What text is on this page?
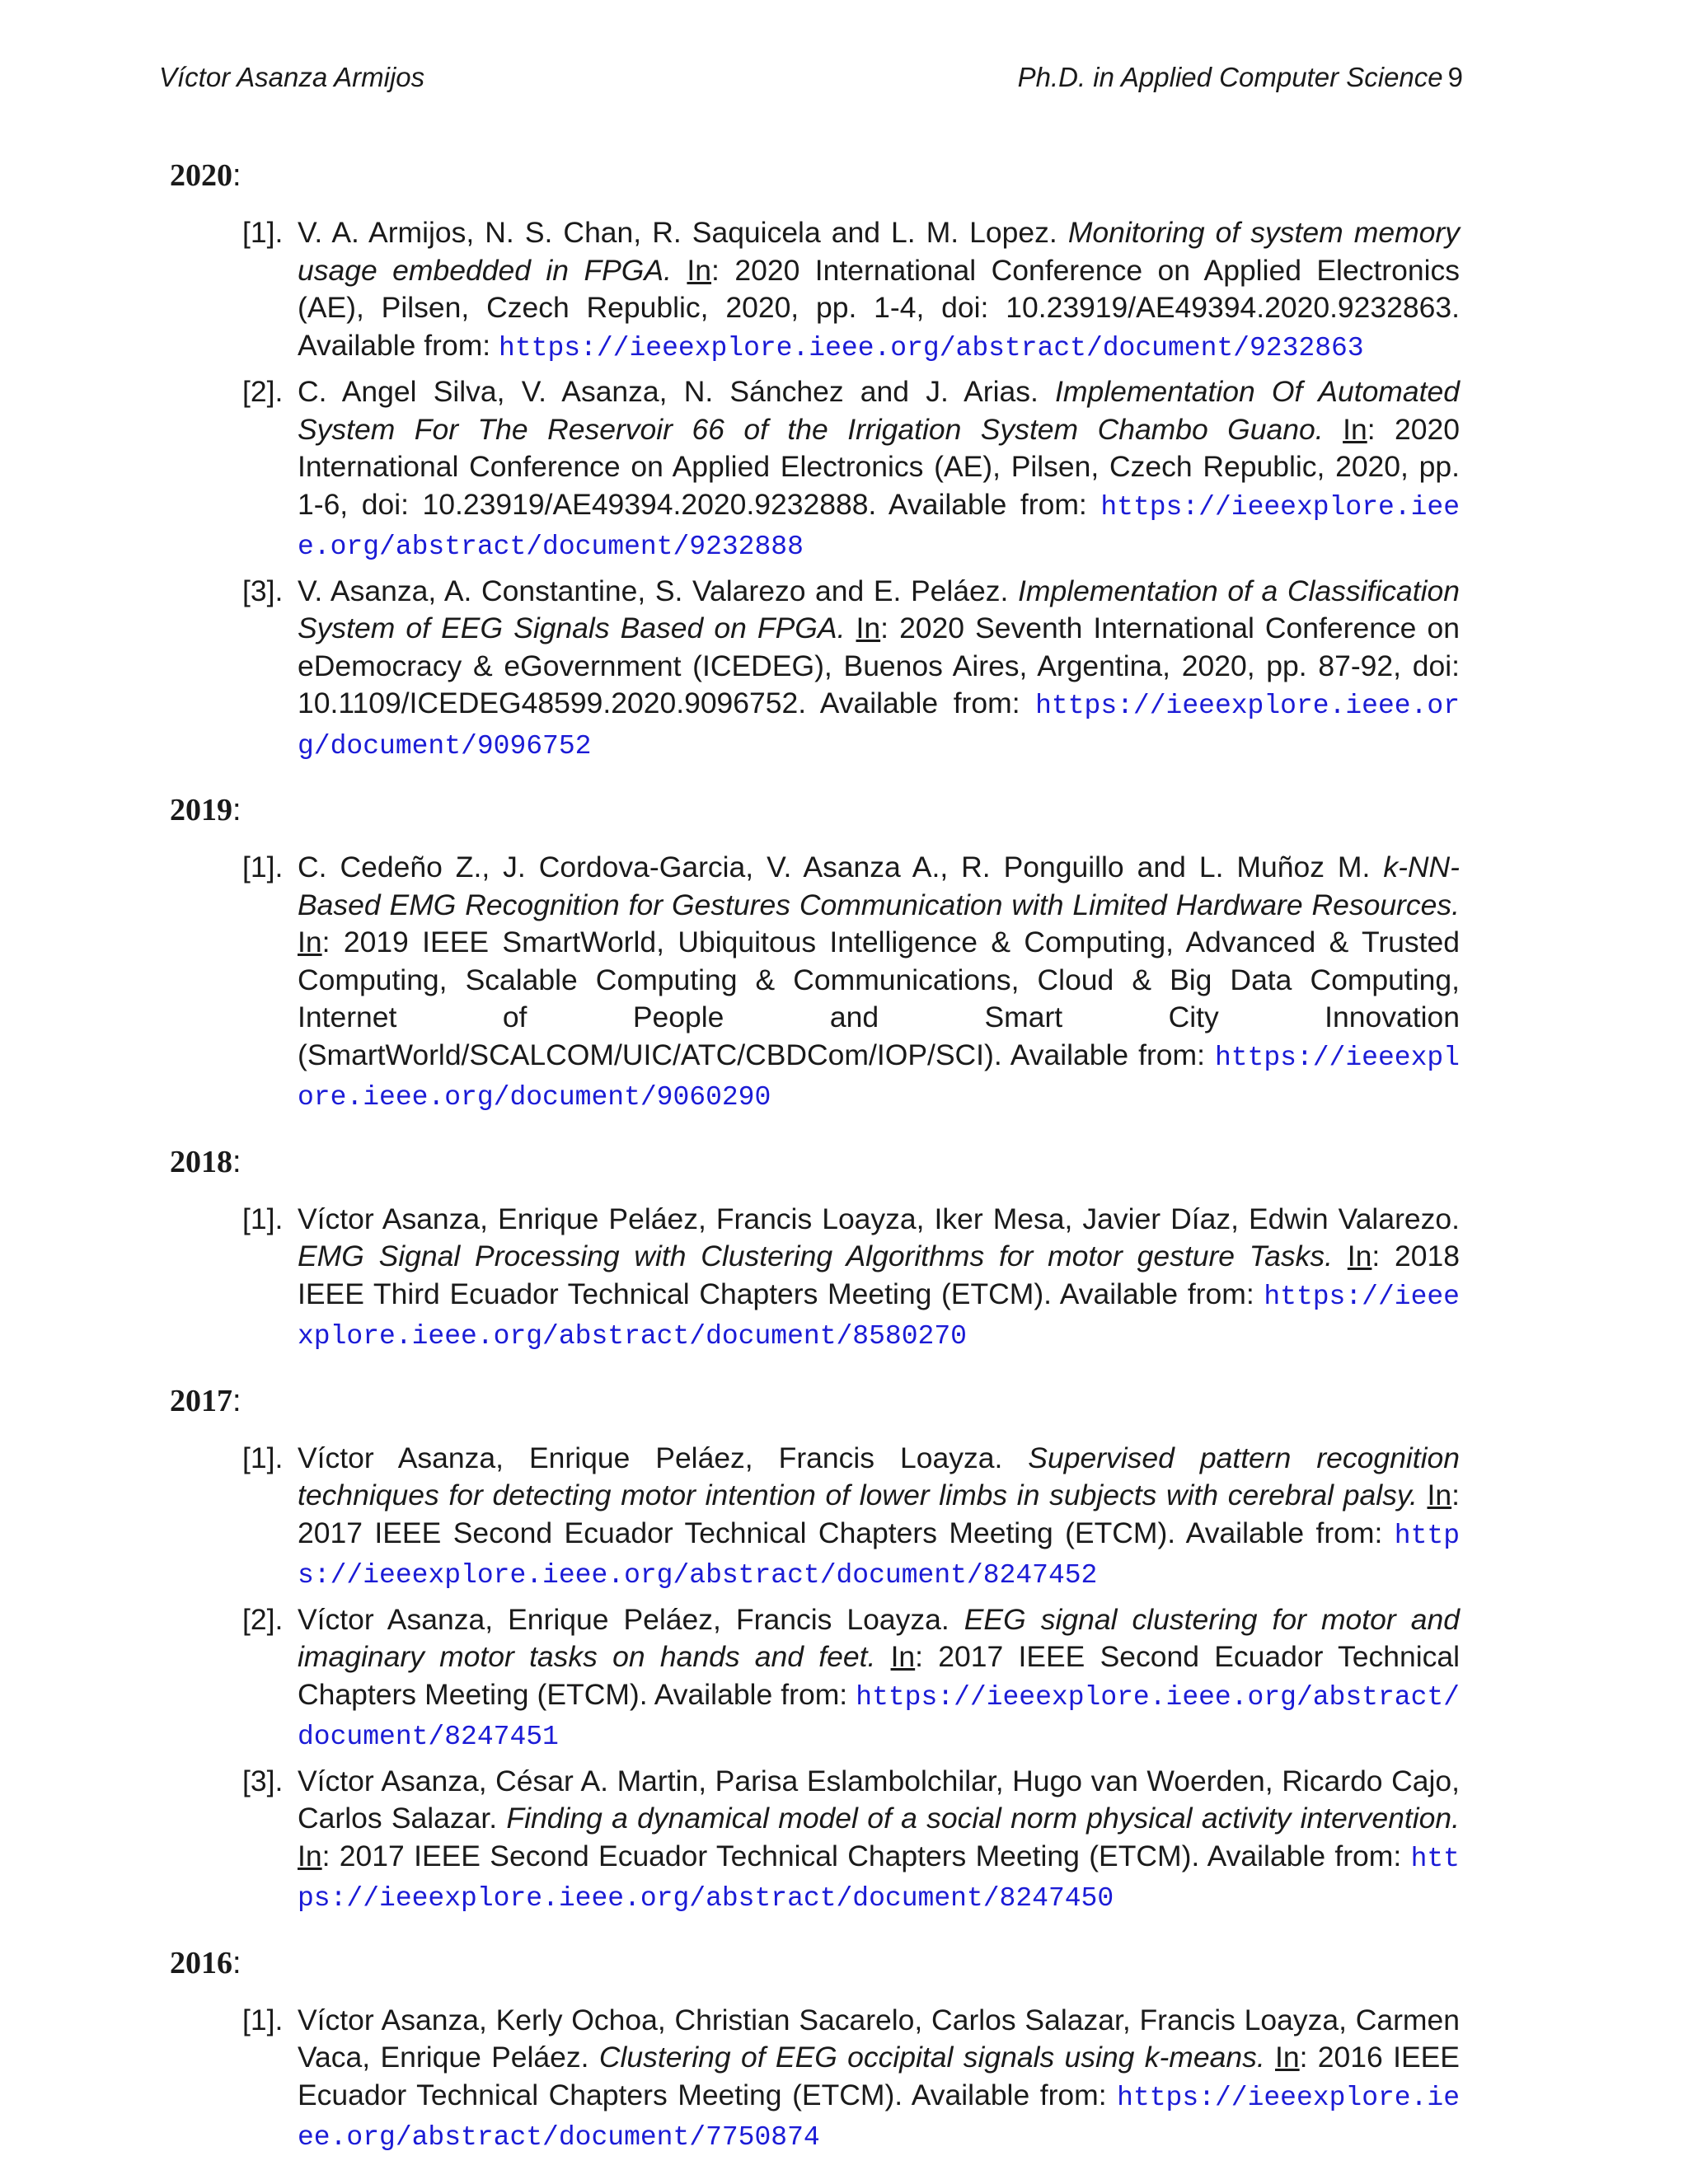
Víctor Asanza Armijos	Ph.D. in Applied Computer Science 9
2020:
[1]. V. A. Armijos, N. S. Chan, R. Saquicela and L. M. Lopez. Monitoring of system memory usage embedded in FPGA. In: 2020 International Conference on Applied Electronics (AE), Pilsen, Czech Republic, 2020, pp. 1-4, doi: 10.23919/AE49394.2020.9232863. Available from: https://ieeexplore.ieee.org/abstract/document/9232863
[2]. C. Angel Silva, V. Asanza, N. Sánchez and J. Arias. Implementation Of Automated System For The Reservoir 66 of the Irrigation System Chambo Guano. In: 2020 International Conference on Applied Electronics (AE), Pilsen, Czech Republic, 2020, pp. 1-6, doi: 10.23919/AE49394.2020.9232888. Available from: https://ieeexplore.ieee.org/abstract/document/9232888
[3]. V. Asanza, A. Constantine, S. Valarezo and E. Peláez. Implementation of a Classification System of EEG Signals Based on FPGA. In: 2020 Seventh International Conference on eDemocracy & eGovernment (ICEDEG), Buenos Aires, Argentina, 2020, pp. 87-92, doi: 10.1109/ICEDEG48599.2020.9096752. Available from: https://ieeexplore.ieee.org/document/9096752
2019:
[1]. C. Cedeño Z., J. Cordova-Garcia, V. Asanza A., R. Ponguillo and L. Muñoz M. k-NN-Based EMG Recognition for Gestures Communication with Limited Hardware Resources. In: 2019 IEEE SmartWorld, Ubiquitous Intelligence & Computing, Advanced & Trusted Computing, Scalable Computing & Communications, Cloud & Big Data Computing, Internet of People and Smart City Innovation (SmartWorld/SCALCOM/UIC/ATC/CBDCom/IOP/SCI). Available from: https://ieeexplore.ieee.org/document/9060290
2018:
[1]. Víctor Asanza, Enrique Peláez, Francis Loayza, Iker Mesa, Javier Díaz, Edwin Valarezo. EMG Signal Processing with Clustering Algorithms for motor gesture Tasks. In: 2018 IEEE Third Ecuador Technical Chapters Meeting (ETCM). Available from: https://ieeexplore.ieee.org/abstract/document/8580270
2017:
[1]. Víctor Asanza, Enrique Peláez, Francis Loayza. Supervised pattern recognition techniques for detecting motor intention of lower limbs in subjects with cerebral palsy. In: 2017 IEEE Second Ecuador Technical Chapters Meeting (ETCM). Available from: https://ieeexplore.ieee.org/abstract/document/8247452
[2]. Víctor Asanza, Enrique Peláez, Francis Loayza. EEG signal clustering for motor and imaginary motor tasks on hands and feet. In: 2017 IEEE Second Ecuador Technical Chapters Meeting (ETCM). Available from: https://ieeexplore.ieee.org/abstract/document/8247451
[3]. Víctor Asanza, César A. Martin, Parisa Eslambolchilar, Hugo van Woerden, Ricardo Cajo, Carlos Salazar. Finding a dynamical model of a social norm physical activity intervention. In: 2017 IEEE Second Ecuador Technical Chapters Meeting (ETCM). Available from: https://ieeexplore.ieee.org/abstract/document/8247450
2016:
[1]. Víctor Asanza, Kerly Ochoa, Christian Sacarelo, Carlos Salazar, Francis Loayza, Carmen Vaca, Enrique Peláez. Clustering of EEG occipital signals using k-means. In: 2016 IEEE Ecuador Technical Chapters Meeting (ETCM). Available from: https://ieeexplore.ieee.org/abstract/document/7750874
